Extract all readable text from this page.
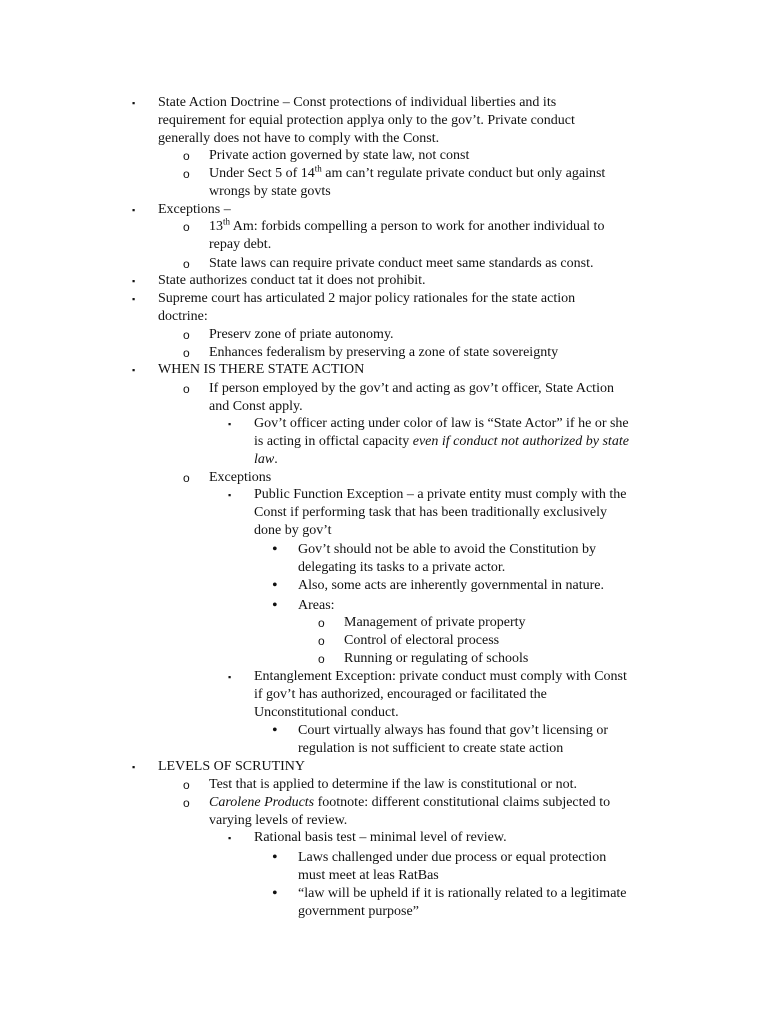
▪ State Action Doctrine – Const protections of individual liberties and its
requirement for equial protection applya only to the gov’t. Private conduct
generally does not have to comply with the Const.
o Private action governed by state law, not const
o Under Sect 5 of 14th am can’t regulate private conduct but only against
wrongs by state govts
▪ Exceptions –
o 13th Am: forbids compelling a person to work for another individual to
repay debt.
o State laws can require private conduct meet same standards as const.
▪ State authorizes conduct tat it does not prohibit.
▪ Supreme court has articulated 2 major policy rationales for the state action
doctrine:
o Preserv zone of priate autonomy.
o Enhances federalism by preserving a zone of state sovereignty
▪ WHEN IS THERE STATE ACTION
o If person employed by the gov’t and acting as gov’t officer, State Action
and Const apply.
▪ Gov’t officer acting under color of law is “State Actor” if he or she
is acting in offictal capacity even if conduct not authorized by state
law.
o Exceptions
▪ Public Function Exception – a private entity must comply with the
Const if performing task that has been traditionally exclusively
done by gov’t
• Gov’t should not be able to avoid the Constitution by
delegating its tasks to a private actor.
• Also, some acts are inherently governmental in nature.
• Areas:
o Management of private property
o Control of electoral process
o Running or regulating of schools
▪ Entanglement Exception: private conduct must comply with Const
if gov’t has authorized, encouraged or facilitated the
Unconstitutional conduct.
• Court virtually always has found that gov’t licensing or
regulation is not sufficient to create state action
▪ LEVELS OF SCRUTINY
o Test that is applied to determine if the law is constitutional or not.
o Carolene Products footnote: different constitutional claims subjected to
varying levels of review.
▪ Rational basis test – minimal level of review.
• Laws challenged under due process or equal protection
must meet at leas RatBas
• “law will be upheld if it is rationally related to a legitimate
government purpose”
